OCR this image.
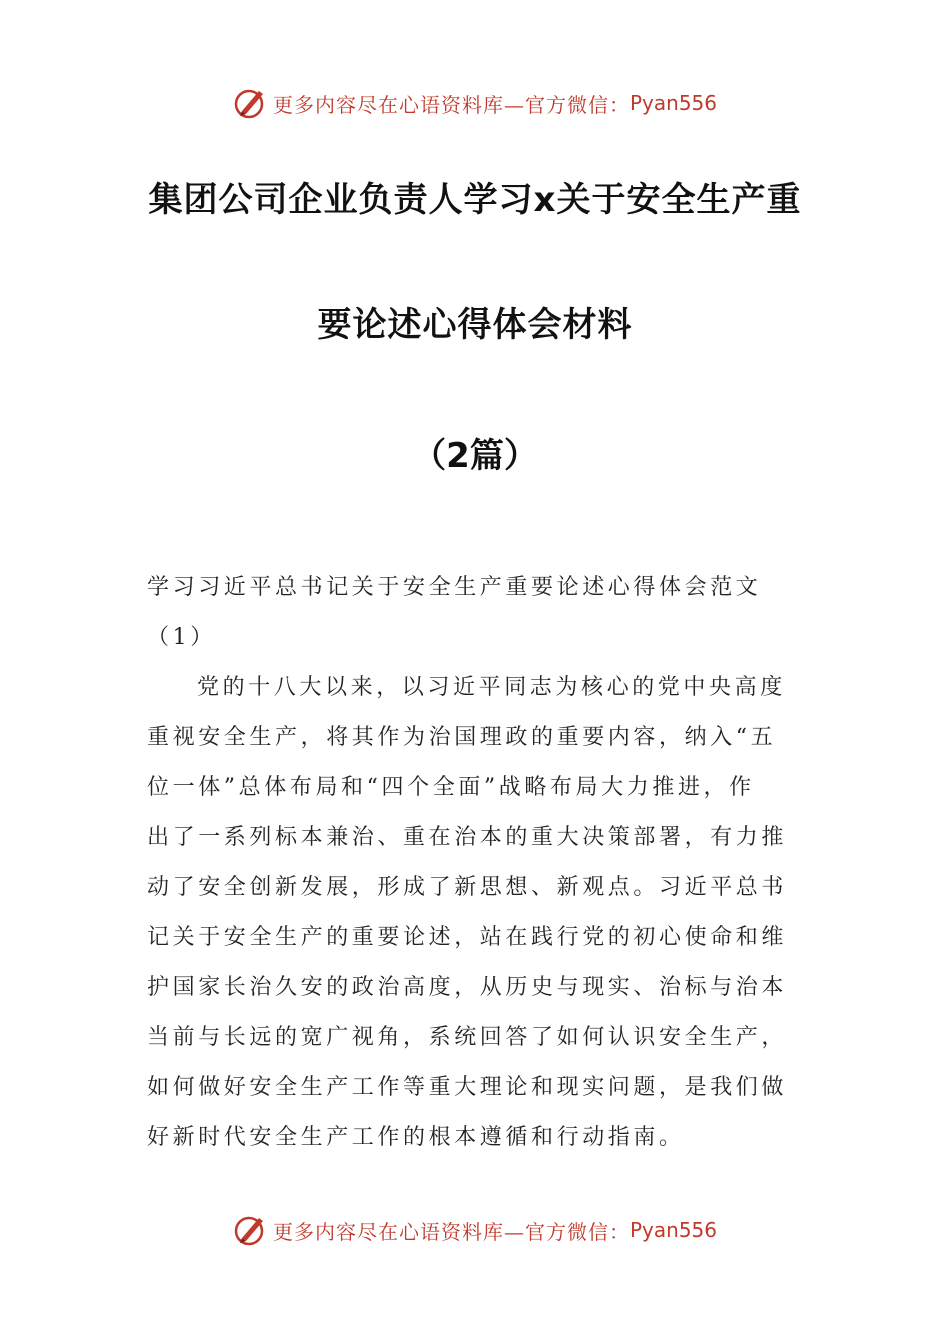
更多内容尽在心语资料库—官方微信： Pyan556
集团公司企业负责人学习x关于安全生产重
要论述心得体会材料
（2篇）
学习习近平总书记关于安全生产重要论述心得体会范文
（1）
党的十八大以来，以习近平同志为核心的党中央高度
重视安全生产，将其作为治国理政的重要内容，纳入“五
位一体”总体布局和“四个全面”战略布局大力推进，作
出了一系列标本兼治、重在治本的重大决策部署，有力推
动了安全创新发展，形成了新思想、新观点。习近平总书
记关于安全生产的重要论述，站在践行党的初心使命和维
护国家长治久安的政治高度，从历史与现实、治标与治本
当前与长远的宽广视角，系统回答了如何认识安全生产，
如何做好安全生产工作等重大理论和现实问题，是我们做
好新时代安全生产工作的根本遵循和行动指南。
更多内容尽在心语资料库—官方微信： Pyan556
